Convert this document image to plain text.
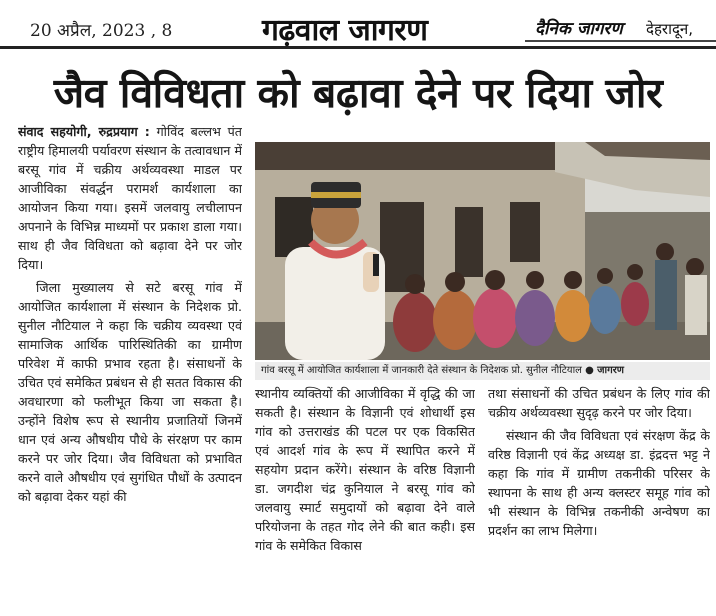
20 अप्रैल, 2023 , 8	गढ़वाल जागरण	दैनिक जागरण देहरादून,
जैव विविधता को बढ़ावा देने पर दिया जोर

संवाद सहयोगी, रुद्रप्रयाग : गोविंद बल्लभ पंत राष्ट्रीय हिमालयी पर्यावरण संस्थान के तत्वावधान में बरसू गांव में चक्रीय अर्थव्यवस्था माडल पर आजीविका संवर्द्धन परामर्श कार्यशाला का आयोजन किया गया। इसमें जलवायु लचीलापन अपनाने के विभिन्न माध्यमों पर प्रकाश डाला गया। साथ ही जैव विविधता को बढ़ावा देने पर जोर दिया।

जिला मुख्यालय से सटे बरसू गांव में आयोजित कार्यशाला में संस्थान के निदेशक प्रो. सुनील नौटियाल ने कहा कि चक्रीय व्यवस्था एवं सामाजिक आर्थिक पारिस्थितिकी का ग्रामीण परिवेश में काफी प्रभाव रहता है। संसाधनों के उचित एवं समेकित प्रबंधन से ही सतत विकास की अवधारणा को फलीभूत किया जा सकता है। उन्होंने विशेष रूप से स्थानीय प्रजातियों जिनमें धान एवं अन्य औषधीय पौधे के संरक्षण पर काम करने पर जोर दिया। जैव विविधता को प्रभावित करने वाले औषधीय एवं सुगंधित पौधों के उत्पादन को बढ़ावा देकर यहां की

गांव बरसू में आयोजित कार्यशाला में जानकारी देते संस्थान के निदेशक प्रो. सुनील नौटियाल ● जागरण

स्थानीय व्यक्तियों की आजीविका में वृद्धि की जा सकती है। संस्थान के विज्ञानी एवं शोधार्थी इस गांव को उत्तराखंड की पटल पर एक विकसित एवं आदर्श गांव के रूप में स्थापित करने में सहयोग प्रदान करेंगे। संस्थान के वरिष्ठ विज्ञानी डा. जगदीश चंद्र कुनियाल ने बरसू गांव को जलवायु स्मार्ट समुदायों को बढ़ावा देने वाले परियोजना के तहत गोद लेने की बात कही। इस गांव के समेकित विकास

तथा संसाधनों की उचित प्रबंधन के लिए गांव की चक्रीय अर्थव्यवस्था सुदृढ़ करने पर जोर दिया।

संस्थान की जैव विविधता एवं संरक्षण केंद्र के वरिष्ठ विज्ञानी एवं केंद्र अध्यक्ष डा. इंद्रदत्त भट्ट ने कहा कि गांव में ग्रामीण तकनीकी परिसर के स्थापना के साथ ही अन्य क्लस्टर समूह गांव को भी संस्थान के विभिन्न तकनीकी अन्वेषण का प्रदर्शन का लाभ मिलेगा।
